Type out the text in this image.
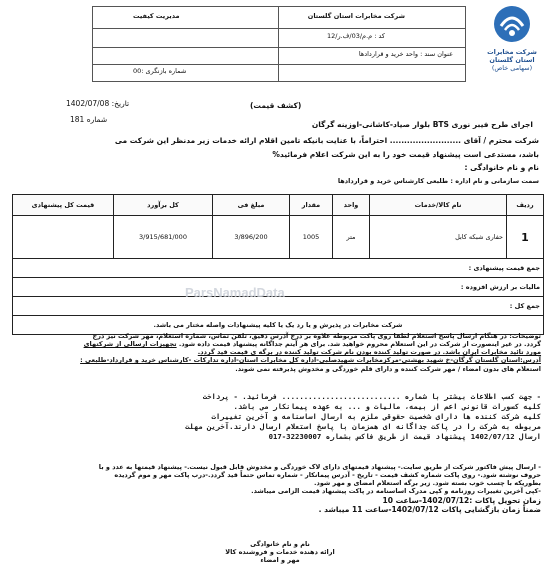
شرکت مخابرات استان گلستان
(سهامی خاص)
شرکت مخابرات استان گلستان
مدیریت کیفیت
کد : م.م/03/ف.ر/12
عنوان سند : واحد خرید و قراردادها
شماره بازنگری :00
تاریخ: 1402/07/08
شماره 181
(کشف قیمت)
اجرای طرح فیبر نوری BTS بلوار صیاد-کاشانی-اوزینه گرگان
شرکت محترم / آقای ......................... احتراماً، با عنایت بانیکه تامین اقلام ارائه خدمات زیر مدنظر این شرکت می
باشد، مستدعی است پیشنهاد قیمت خود را به این شرکت اعلام فرمائید%
نام و نام خانوادگی :
سمت سازمانی و نام اداره : طلبعی کارشناس خرید و قراردادها
ردیف	نام کالا/خدمات	واحد	مقدار	مبلغ فی	کل برآورد	قیمت کل پیشنهادی
1	حفاری شبکه کابل	متر	1005	3/896/200	3/915/681/000	
جمع قیمت پیشنهادی :						
مالیات بر ارزش افزوده :						
جمع کل :						
شرکت مخابرات در پذیرش و یا رد یک یا کلیه پیشنهادات واصله مختار می باشد.						
ParsNamadData
توضیحات: در هنگام ارسال پاسخ استعلام لطفا روی پاکت مربوطه علاوه بر درج آدرس دقیق، تلفن تماس، شماره استعلام، مهر شرکت نیز درج
گردد. در غیر اینصورت از شرکت در این استعلام محروم خواهید شد. برای هر آیتم جداگانه پیشنهاد قیمت داده شود. تجهیزات ارسالی از شرکتهای
مورد تائید مخابرات ایران باشد. در صورت تولید کننده بودن نام شرکت تولید کننده در برگه ی قیمت قید گردد.
آدرس:استان گلستان گرگان-خ شهید بهشتی-مرکزمخابرات شهیدصلبی-اداره کل مخابرات استان-اداره تدارکات -کارشناس خرید و قرارداد-طلبعی :
استعلام های بدون امضاء / مهر شرکت کننده و دارای قلم خوردگی و مخدوش پذیرفته نمی شوند.
- جهت کسب اطلاعات بیشتر با شماره ........................... فرمائید. - پرداخت
کلیه کسورات قانونی اعم از بیمه، مالیات و ... به عهده پیمانکار می باشد.
کلیه شرکت کننده ها دارای شخصیت حقوقی ملزم به ارسال اساسنامه و آخرین تغییرات
مربوطه به شرکت را در پاکت جداگانه ای همزمان با پاسخ استعلام ارسال دارند.آخرین مهلت
ارسال 1402/07/12 پیشنهاد قیمت از طریق فاکس بشماره 32230007-017
- ارسال پیش فاکتور شرکت از طریق سایت.- پیشنهاد قیمتهای دارای لاک خوردگی و مخدوش قابل قبول نیست.- پیشنهاد قیمتها به عدد و با
حروف نوشته شود.- روی پاکت شماره کشف قیمت - تاریخ - آدرس پیمانکار - شماره تماس حتماً قید گردد.-درب پاکت مهر و موم گردیده
بطوریکه با چسب خوب بسته شود. زیر برگه استعلام امضای و مهر شود.
-کپی آخرین تغییرات روزنامه و کپی مدرک اساسنامه در پاکت پیشنهاد قیمت الزامی میباشد.
زمان تحویل پاکات :1402/07/12-ساعت 10
ضمناً زمان بازگشایی پاکات 1402/07/12-ساعت 11 میباشد .
نام و نام خانوادگی
ارائه دهنده خدمات و فروشنده کالا
مهر و امضاء
